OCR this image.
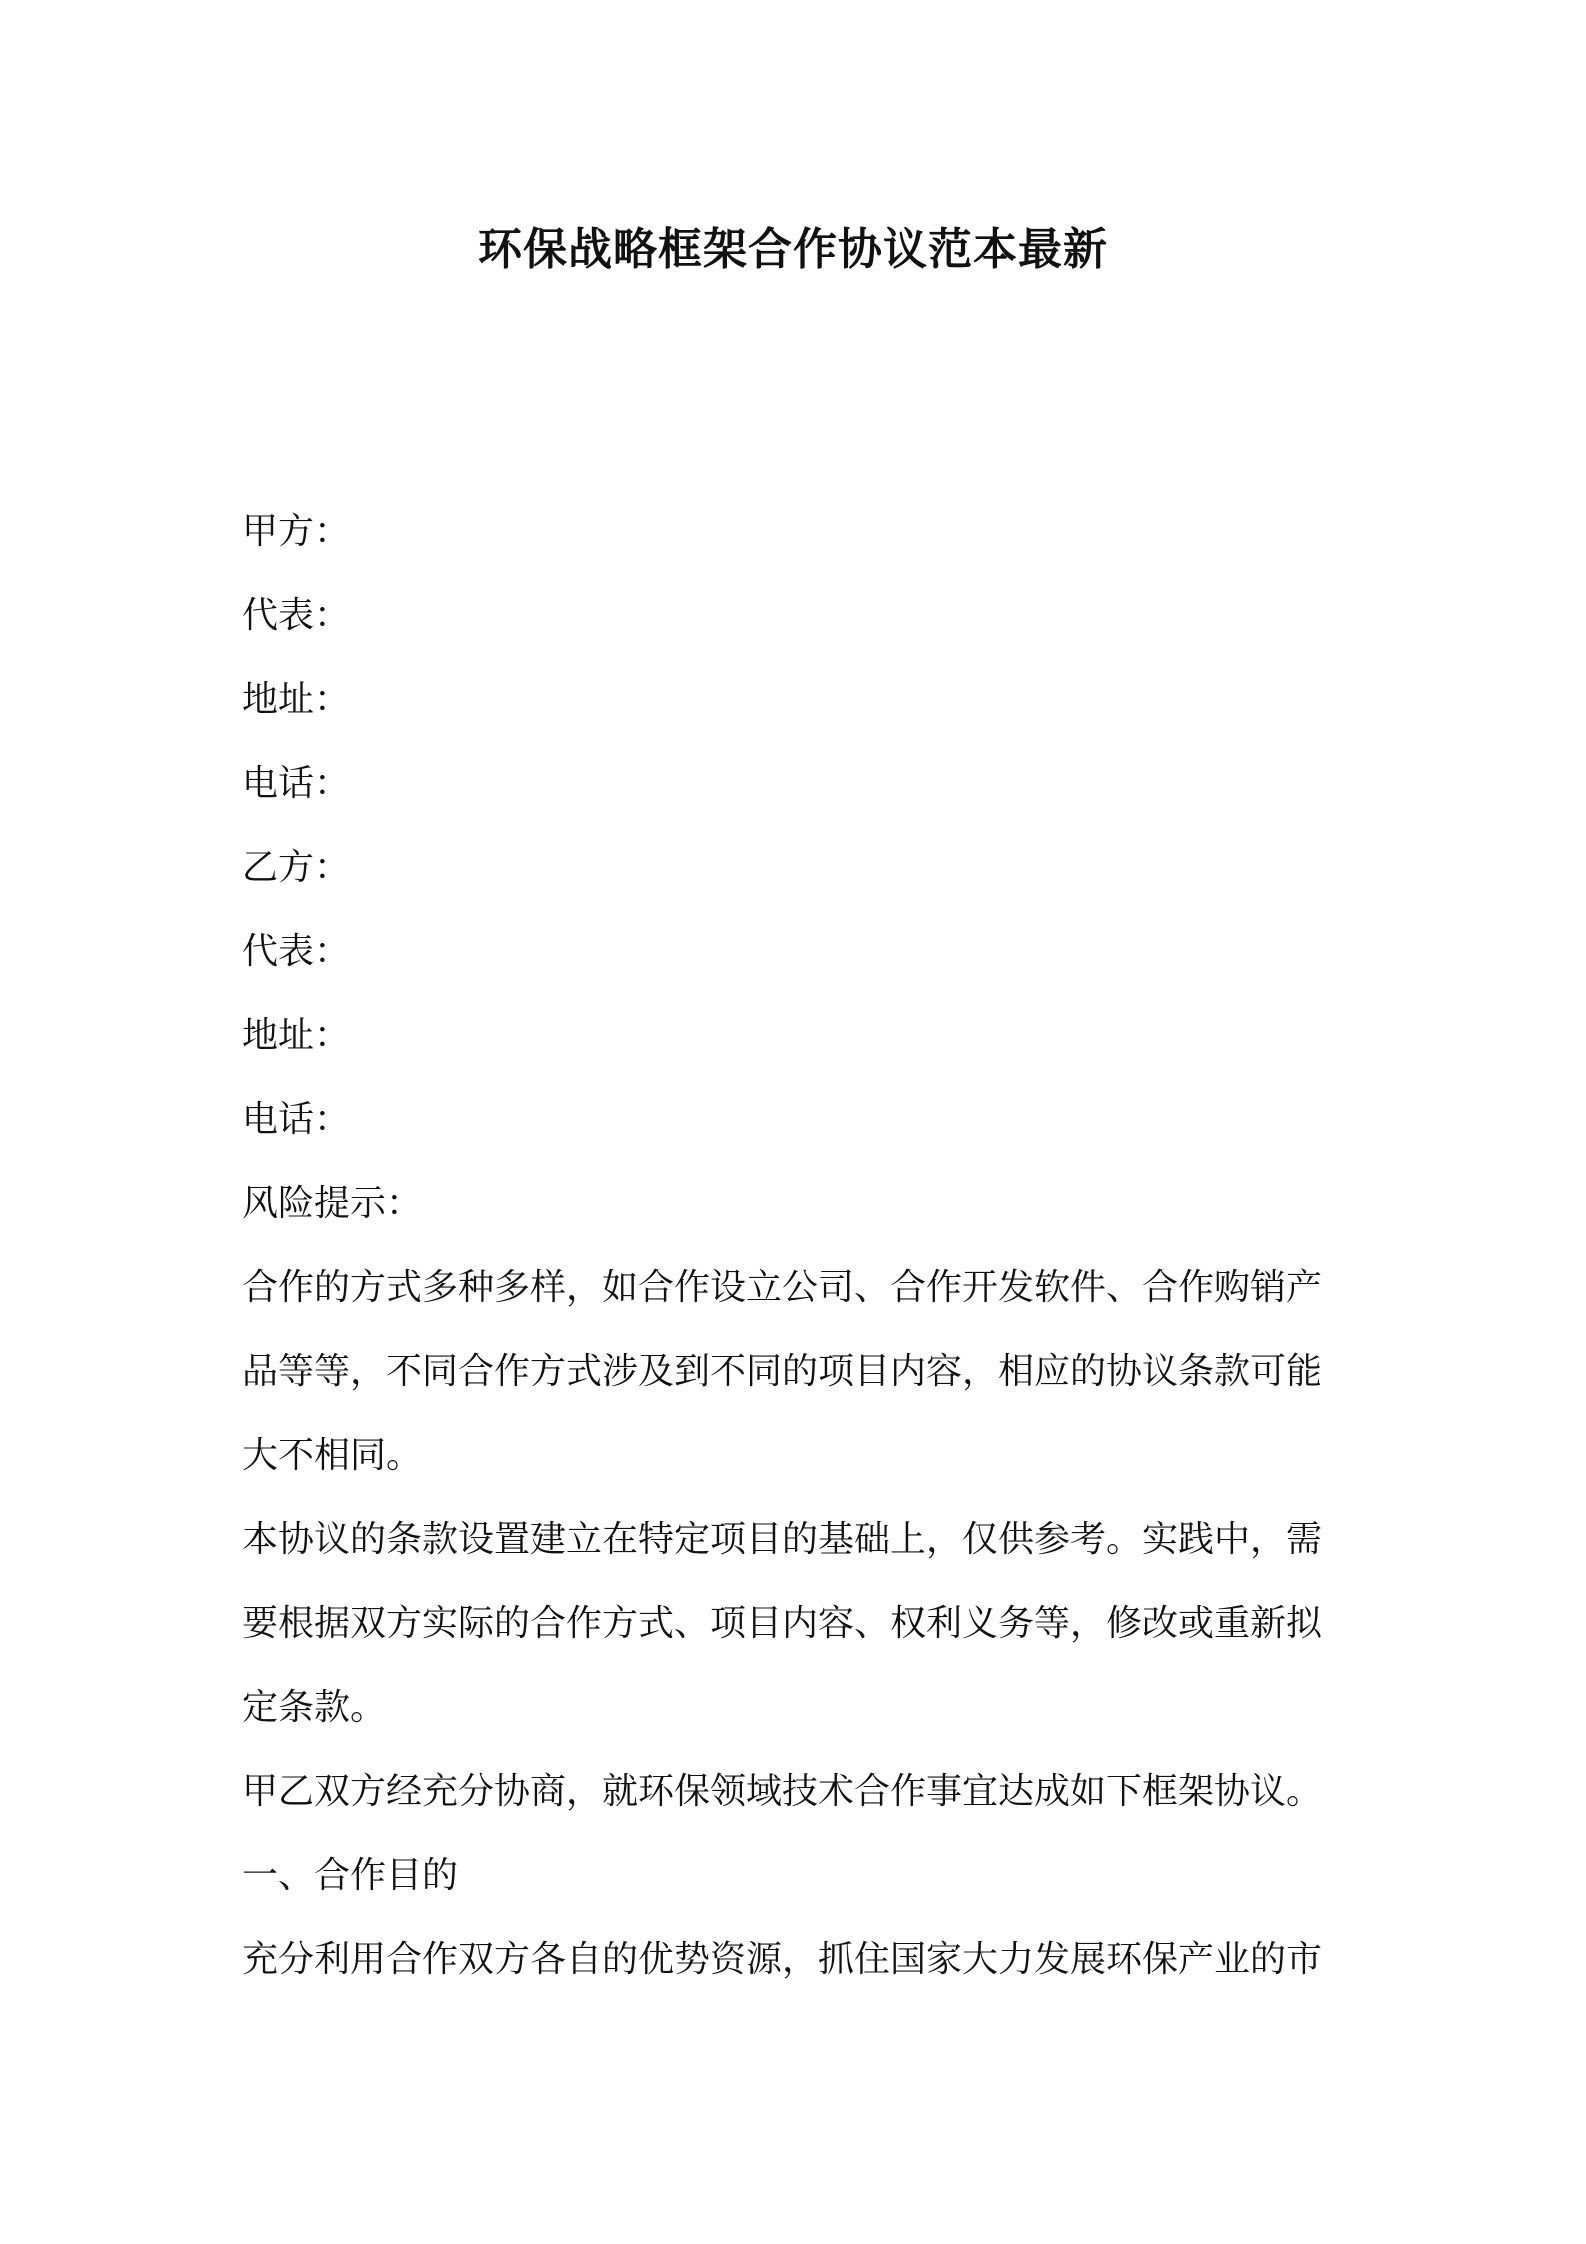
环保战略框架合作协议范本最新
甲方：
代表：
地址：
电话：
乙方：
代表：
地址：
电话：
风险提示：
合作的方式多种多样，如合作设立公司、合作开发软件、合作购销产
品等等，不同合作方式涉及到不同的项目内容，相应的协议条款可能
大不相同。
本协议的条款设置建立在特定项目的基础上，仅供参考。实践中，需
要根据双方实际的合作方式、项目内容、权利义务等，修改或重新拟
定条款。
甲乙双方经充分协商，就环保领域技术合作事宜达成如下框架协议。
一、合作目的
充分利用合作双方各自的优势资源，抓住国家大力发展环保产业的市
